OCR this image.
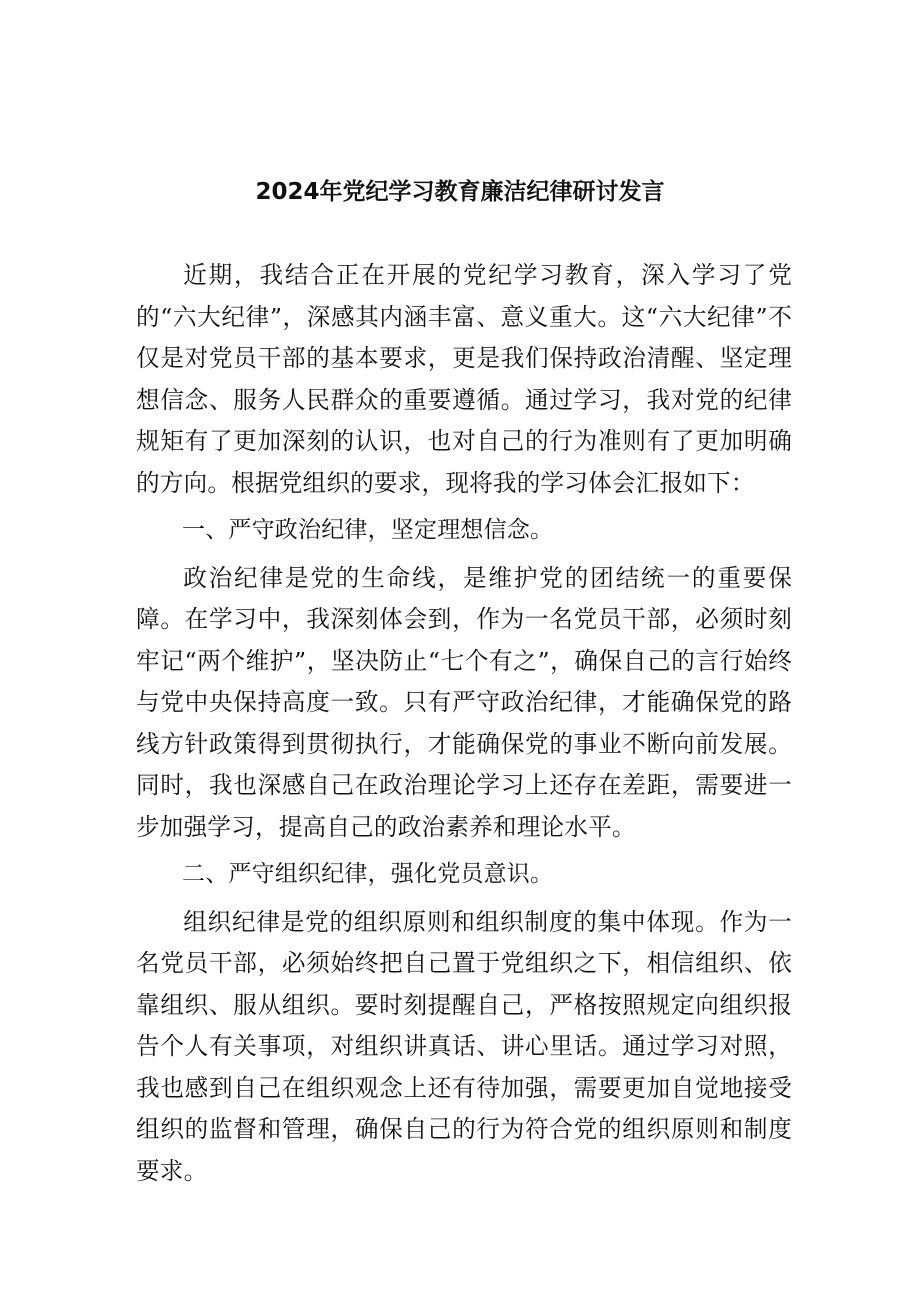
2024年党纪学习教育廉洁纪律研讨发言

近期，我结合正在开展的党纪学习教育，深入学习了党的“六大纪律”，深感其内涵丰富、意义重大。这“六大纪律”不仅是对党员干部的基本要求，更是我们保持政治清醒、坚定理想信念、服务人民群众的重要遵循。通过学习，我对党的纪律规矩有了更加深刻的认识，也对自己的行为准则有了更加明确的方向。根据党组织的要求，现将我的学习体会汇报如下：

一、严守政治纪律，坚定理想信念。

政治纪律是党的生命线，是维护党的团结统一的重要保障。在学习中，我深刻体会到，作为一名党员干部，必须时刻牢记“两个维护”，坚决防止“七个有之”，确保自己的言行始终与党中央保持高度一致。只有严守政治纪律，才能确保党的路线方针政策得到贯彻执行，才能确保党的事业不断向前发展。同时，我也深感自己在政治理论学习上还存在差距，需要进一步加强学习，提高自己的政治素养和理论水平。

二、严守组织纪律，强化党员意识。

组织纪律是党的组织原则和组织制度的集中体现。作为一名党员干部，必须始终把自己置于党组织之下，相信组织、依靠组织、服从组织。要时刻提醒自己，严格按照规定向组织报告个人有关事项，对组织讲真话、讲心里话。通过学习对照，我也感到自己在组织观念上还有待加强，需要更加自觉地接受组织的监督和管理，确保自己的行为符合党的组织原则和制度要求。
